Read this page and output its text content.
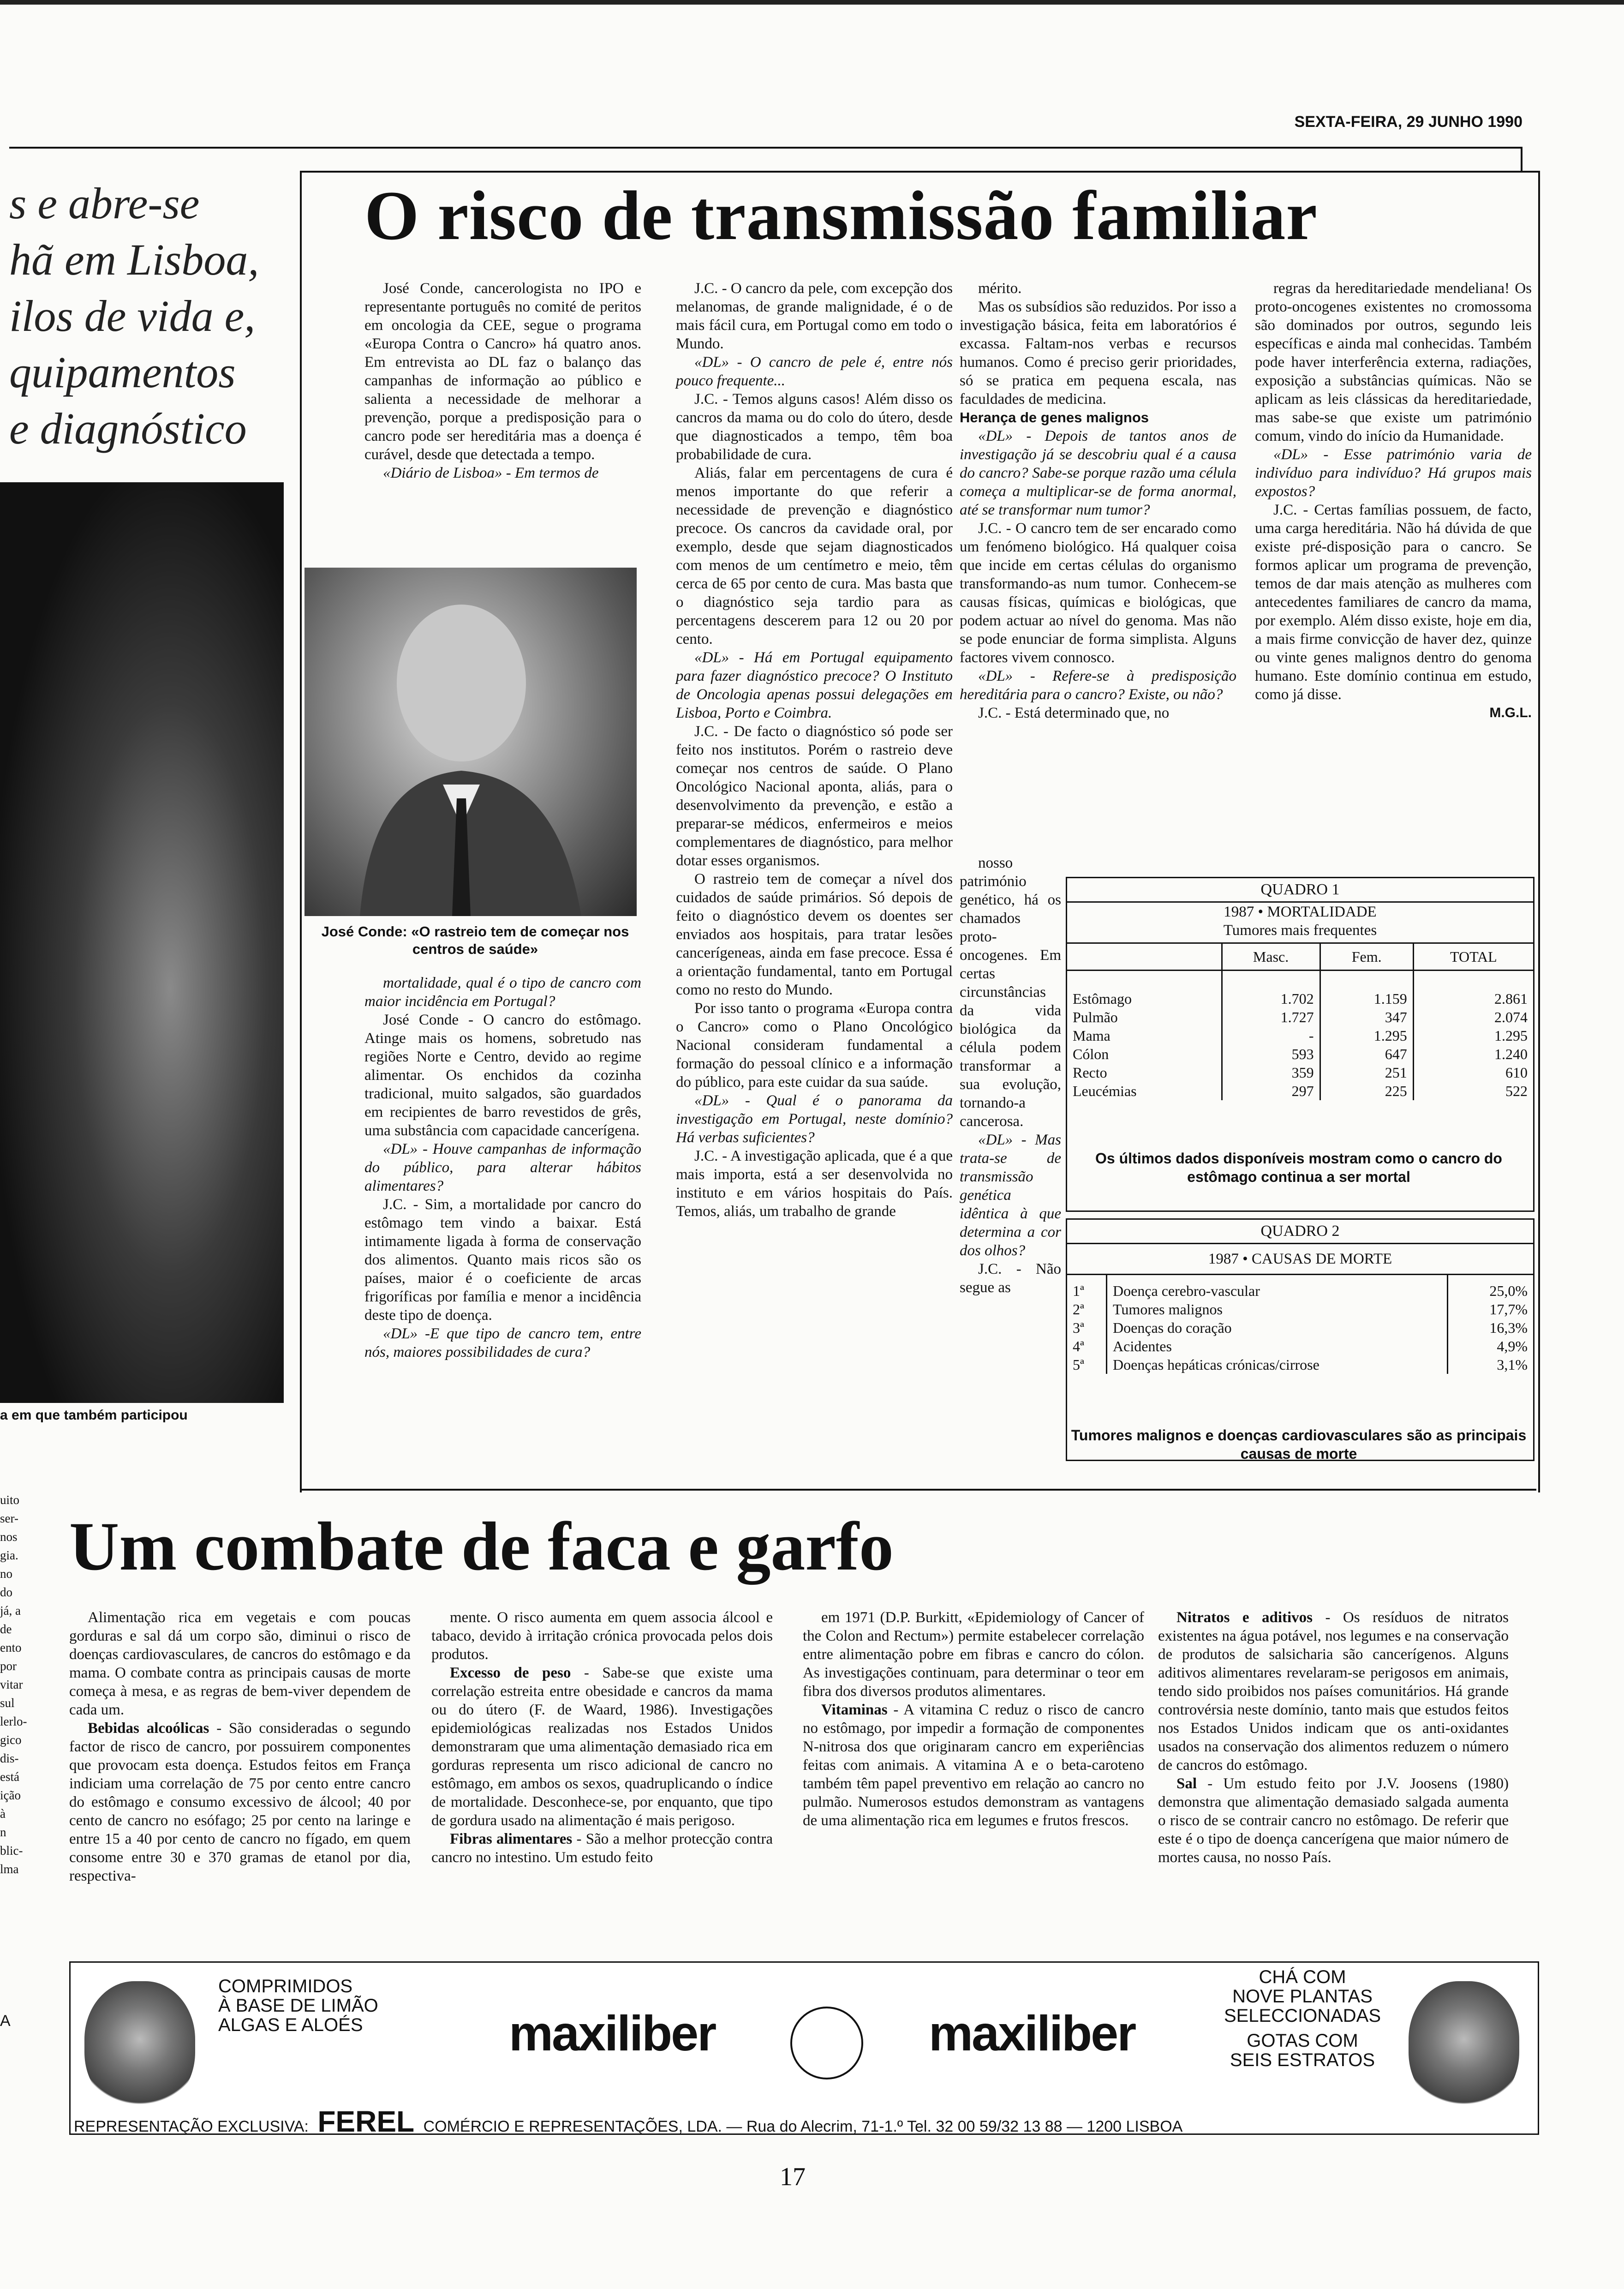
SEXTA-FEIRA, 29 JUNHO 1990
s e abre-se
hã em Lisboa,
ilos de vida e,
quipamentos
e diagnóstico
a em que também participou
uito
ser-
nos
gia.
no
do
já, a
de
ento
por
vitar
sul
lerlo-
gico
dis-
está
ição
à
n
blic-
lma
A
O risco de transmissão familiar

José Conde, cancerologista no IPO e representante português no comité de peritos em oncologia da CEE, segue o programa «Europa Contra o Cancro» há quatro anos. Em entrevista ao DL faz o balanço das campanhas de informação ao público e salienta a necessidade de melhorar a prevenção, porque a predisposição para o cancro pode ser hereditária mas a doença é curável, desde que detectada a tempo.

«Diário de Lisboa» - Em termos de

José Conde: «O rastreio tem de começar nos centros de saúde»

mortalidade, qual é o tipo de cancro com maior incidência em Portugal?

José Conde - O cancro do estômago. Atinge mais os homens, sobretudo nas regiões Norte e Centro, devido ao regime alimentar. Os enchidos da cozinha tradicional, muito salgados, são guardados em recipientes de barro revestidos de grês, uma substância com capacidade cancerígena.

«DL» - Houve campanhas de informação do público, para alterar hábitos alimentares?

J.C. - Sim, a mortalidade por cancro do estômago tem vindo a baixar. Está intimamente ligada à forma de conservação dos alimentos. Quanto mais ricos são os países, maior é o coeficiente de arcas frigoríficas por família e menor a incidência deste tipo de doença.

«DL» -E que tipo de cancro tem, entre nós, maiores possibilidades de cura?

J.C. - O cancro da pele, com excepção dos melanomas, de grande malignidade, é o de mais fácil cura, em Portugal como em todo o Mundo.

«DL» - O cancro de pele é, entre nós pouco frequente...

J.C. - Temos alguns casos! Além disso os cancros da mama ou do colo do útero, desde que diagnosticados a tempo, têm boa probabilidade de cura.

Aliás, falar em percentagens de cura é menos importante do que referir a necessidade de prevenção e diagnóstico precoce. Os cancros da cavidade oral, por exemplo, desde que sejam diagnosticados com menos de um centímetro e meio, têm cerca de 65 por cento de cura. Mas basta que o diagnóstico seja tardio para as percentagens descerem para 12 ou 20 por cento.

«DL» - Há em Portugal equipamento para fazer diagnóstico precoce? O Instituto de Oncologia apenas possui delegações em Lisboa, Porto e Coimbra.

J.C. - De facto o diagnóstico só pode ser feito nos institutos. Porém o rastreio deve começar nos centros de saúde. O Plano Oncológico Nacional aponta, aliás, para o desenvolvimento da prevenção, e estão a preparar-se médicos, enfermeiros e meios complementares de diagnóstico, para melhor dotar esses organismos.

O rastreio tem de começar a nível dos cuidados de saúde primários. Só depois de feito o diagnóstico devem os doentes ser enviados aos hospitais, para tratar lesões cancerígeneas, ainda em fase precoce. Essa é a orientação fundamental, tanto em Portugal como no resto do Mundo.

Por isso tanto o programa «Europa contra o Cancro» como o Plano Oncológico Nacional consideram fundamental a formação do pessoal clínico e a informação do público, para este cuidar da sua saúde.

«DL» - Qual é o panorama da investigação em Portugal, neste domínio? Há verbas suficientes?

J.C. - A investigação aplicada, que é a que mais importa, está a ser desenvolvida no instituto e em vários hospitais do País. Temos, aliás, um trabalho de grande

mérito.

Mas os subsídios são reduzidos. Por isso a investigação básica, feita em laboratórios é excassa. Faltam-nos verbas e recursos humanos. Como é preciso gerir prioridades, só se pratica em pequena escala, nas faculdades de medicina.

Herança de genes malignos

«DL» - Depois de tantos anos de investigação já se descobriu qual é a causa do cancro? Sabe-se porque razão uma célula começa a multiplicar-se de forma anormal, até se transformar num tumor?

J.C. - O cancro tem de ser encarado como um fenómeno biológico. Há qualquer coisa que incide em certas células do organismo transformando-as num tumor. Conhecem-se causas físicas, químicas e biológicas, que podem actuar ao nível do genoma. Mas não se pode enunciar de forma simplista. Alguns factores vivem connosco.

«DL» - Refere-se à predisposição hereditária para o cancro? Existe, ou não?

J.C. - Está determinado que, no

nosso património genético, há os chamados proto-oncogenes. Em certas circunstâncias da vida biológica da célula podem transformar a sua evolução, tornando-a cancerosa.

«DL» - Mas trata-se de transmissão genética idêntica à que determina a cor dos olhos?

J.C. - Não segue as

regras da hereditariedade mendeliana! Os proto-oncogenes existentes no cromossoma são dominados por outros, segundo leis específicas e ainda mal conhecidas. Também pode haver interferência externa, radiações, exposição a substâncias químicas. Não se aplicam as leis clássicas da hereditariedade, mas sabe-se que existe um património comum, vindo do início da Humanidade.

«DL» - Esse património varia de indivíduo para indivíduo? Há grupos mais expostos?

J.C. - Certas famílias possuem, de facto, uma carga hereditária. Não há dúvida de que existe pré-disposição para o cancro. Se formos aplicar um programa de prevenção, temos de dar mais atenção as mulheres com antecedentes familiares de cancro da mama, por exemplo. Além disso existe, hoje em dia, a mais firme convicção de haver dez, quinze ou vinte genes malignos dentro do genoma humano. Este domínio continua em estudo, como já disse.

M.G.L.

QUADRO 1
1987 • MORTALIDADE
Tumores mais frequentes
	Masc.	Fem.	TOTAL

Estômago	1.702	1.159	2.861
Pulmão	1.727	347	2.074
Mama	-	1.295	1.295
Cólon	593	647	1.240
Recto	359	251	610
Leucémias	297	225	522
Os últimos dados disponíveis mostram como o cancro do estômago continua a ser mortal
QUADRO 2
1987 • CAUSAS DE MORTE
1ª	Doença cerebro-vascular	25,0%
2ª	Tumores malignos	17,7%
3ª	Doenças do coração	16,3%
4ª	Acidentes	4,9%
5ª	Doenças hepáticas crónicas/cirrose	3,1%
Tumores malignos e doenças cardiovasculares são as principais causas de morte
Um combate de faca e garfo

Alimentação rica em vegetais e com poucas gorduras e sal dá um corpo são, diminui o risco de doenças cardiovasculares, de cancros do estômago e da mama. O combate contra as principais causas de morte começa à mesa, e as regras de bem-viver dependem de cada um.

Bebidas alcoólicas - São consideradas o segundo factor de risco de cancro, por possuirem componentes que provocam esta doença. Estudos feitos em França indiciam uma correlação de 75 por cento entre cancro do estômago e consumo excessivo de álcool; 40 por cento de cancro no esófago; 25 por cento na laringe e entre 15 a 40 por cento de cancro no fígado, em quem consome entre 30 e 370 gramas de etanol por dia, respectiva-

mente. O risco aumenta em quem associa álcool e tabaco, devido à irritação crónica provocada pelos dois produtos.

Excesso de peso - Sabe-se que existe uma correlação estreita entre obesidade e cancros da mama ou do útero (F. de Waard, 1986). Investigações epidemiológicas realizadas nos Estados Unidos demonstraram que uma alimentação demasiado rica em gorduras representa um risco adicional de cancro no estômago, em ambos os sexos, quadruplicando o índice de mortalidade. Desconhece-se, por enquanto, que tipo de gordura usado na alimentação é mais perigoso.

Fibras alimentares - São a melhor protecção contra cancro no intestino. Um estudo feito

em 1971 (D.P. Burkitt, «Epidemiology of Cancer of the Colon and Rectum») permite estabelecer correlação entre alimentação pobre em fibras e cancro do cólon. As investigações continuam, para determinar o teor em fibra dos diversos produtos alimentares.

Vitaminas - A vitamina C reduz o risco de cancro no estômago, por impedir a formação de componentes N-nitrosa dos que originaram cancro em experiências feitas com animais. A vitamina A e o beta-caroteno também têm papel preventivo em relação ao cancro no pulmão. Numerosos estudos demonstram as vantagens de uma alimentação rica em legumes e frutos frescos.

Nitratos e aditivos - Os resíduos de nitratos existentes na água potável, nos legumes e na conservação de produtos de salsicharia são cancerígenos. Alguns aditivos alimentares revelaram-se perigosos em animais, tendo sido proibidos nos países comunitários. Há grande controvérsia neste domínio, tanto mais que estudos feitos nos Estados Unidos indicam que os anti-oxidantes usados na conservação dos alimentos reduzem o número de cancros do estômago.

Sal - Um estudo feito por J.V. Joosens (1980) demonstra que alimentação demasiado salgada aumenta o risco de se contrair cancro no estômago. De referir que este é o tipo de doença cancerígena que maior número de mortes causa, no nosso País.

COMPRIMIDOS
À BASE DE LIMÃO
ALGAS E ALOÉS	maxiliber	maxiliber
CHÁ COM
NOVE PLANTAS
SELECCIONADAS
GOTAS COM
SEIS ESTRATOS
REPRESENTAÇÃO EXCLUSIVA: FEREL COMÉRCIO E REPRESENTAÇÕES, LDA. — Rua do Alecrim, 71-1.º Tel. 32 00 59/32 13 88 — 1200 LISBOA
17
